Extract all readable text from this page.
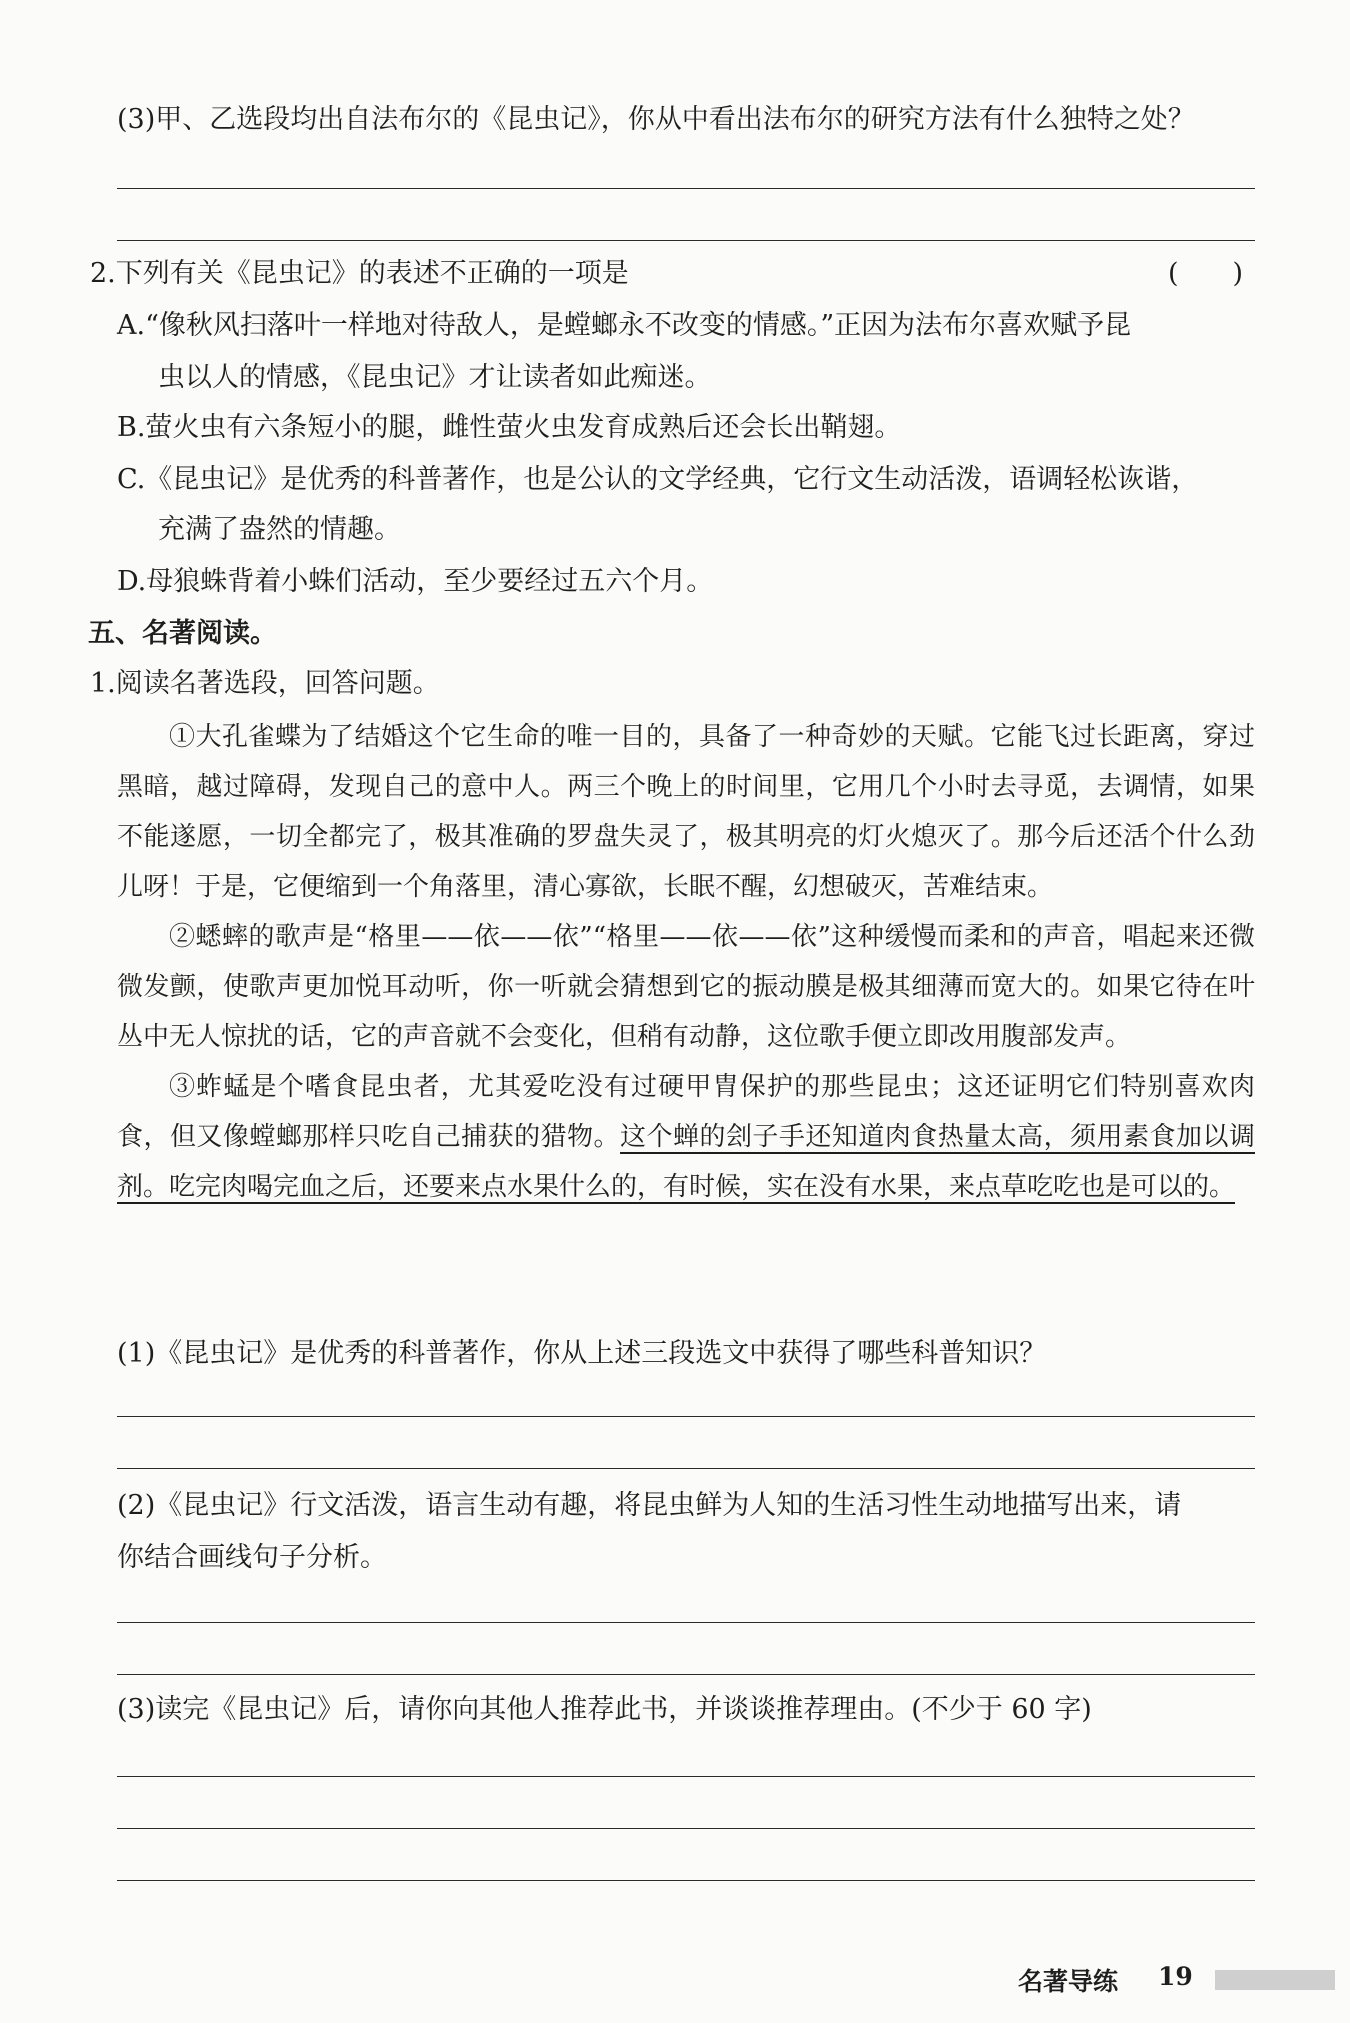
(3)甲、乙选段均出自法布尔的《昆虫记》，你从中看出法布尔的研究方法有什么独特之处？
2.下列有关《昆虫记》的表述不正确的一项是	(　　)
A.“像秋风扫落叶一样地对待敌人，是螳螂永不改变的情感。”正因为法布尔喜欢赋予昆
虫以人的情感，《昆虫记》才让读者如此痴迷。
B.萤火虫有六条短小的腿，雌性萤火虫发育成熟后还会长出鞘翅。
C.《昆虫记》是优秀的科普著作，也是公认的文学经典，它行文生动活泼，语调轻松诙谐，
充满了盎然的情趣。
D.母狼蛛背着小蛛们活动，至少要经过五六个月。
五、名著阅读。
1.阅读名著选段，回答问题。

①大孔雀蝶为了结婚这个它生命的唯一目的，具备了一种奇妙的天赋。它能飞过长距离，穿过黑暗，越过障碍，发现自己的意中人。两三个晚上的时间里，它用几个小时去寻觅，去调情，如果不能遂愿，一切全都完了，极其准确的罗盘失灵了，极其明亮的灯火熄灭了。那今后还活个什么劲儿呀！于是，它便缩到一个角落里，清心寡欲，长眠不醒，幻想破灭，苦难结束。

②蟋蟀的歌声是“格里——依——依”“格里——依——依”这种缓慢而柔和的声音，唱起来还微微发颤，使歌声更加悦耳动听，你一听就会猜想到它的振动膜是极其细薄而宽大的。如果它待在叶丛中无人惊扰的话，它的声音就不会变化，但稍有动静，这位歌手便立即改用腹部发声。

③蚱蜢是个嗜食昆虫者，尤其爱吃没有过硬甲胄保护的那些昆虫；这还证明它们特别喜欢肉食，但又像螳螂那样只吃自己捕获的猎物。这个蝉的刽子手还知道肉食热量太高，须用素食加以调剂。吃完肉喝完血之后，还要来点水果什么的，有时候，实在没有水果，来点草吃吃也是可以的。

(1)《昆虫记》是优秀的科普著作，你从上述三段选文中获得了哪些科普知识？
(2)《昆虫记》行文活泼，语言生动有趣，将昆虫鲜为人知的生活习性生动地描写出来，请
你结合画线句子分析。
(3)读完《昆虫记》后，请你向其他人推荐此书，并谈谈推荐理由。(不少于 60 字)
名著导练 19
